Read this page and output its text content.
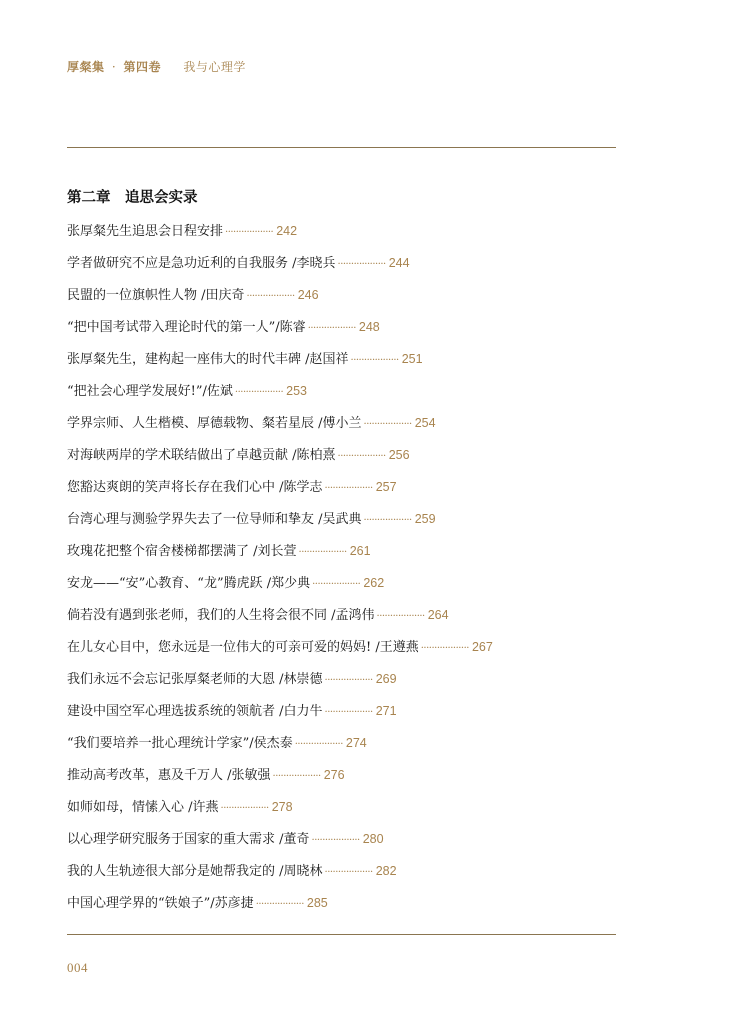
厚粲集 · 第四卷 我与心理学
第二章　追思会实录
张厚粲先生追思会日程安排 ·················· 242
学者做研究不应是急功近利的自我服务 /李晓兵 ·················· 244
民盟的一位旗帜性人物 /田庆奇 ·················· 246
“把中国考试带入理论时代的第一人”/陈睿 ·················· 248
张厚粲先生，建构起一座伟大的时代丰碑 /赵国祥 ·················· 251
“把社会心理学发展好!”/佐斌 ·················· 253
学界宗师、人生楷模、厚德载物、粲若星辰 /傅小兰 ·················· 254
对海峡两岸的学术联结做出了卓越贡献 /陈柏熹 ·················· 256
您豁达爽朗的笑声将长存在我们心中 /陈学志 ·················· 257
台湾心理与测验学界失去了一位导师和挚友 /吴武典 ·················· 259
玫瑰花把整个宿舍楼梯都摆满了 /刘长萱 ·················· 261
安龙——“安”心教育、“龙”腾虎跃 /郑少典 ·················· 262
倘若没有遇到张老师，我们的人生将会很不同 /孟鸿伟 ·················· 264
在儿女心目中，您永远是一位伟大的可亲可爱的妈妈! /王遵燕 ·················· 267
我们永远不会忘记张厚粲老师的大恩 /林崇德 ·················· 269
建设中国空军心理选拔系统的领航者 /白力牛 ·················· 271
“我们要培养一批心理统计学家”/侯杰泰 ·················· 274
推动高考改革，惠及千万人 /张敏强 ·················· 276
如师如母，情愫入心 /许燕 ·················· 278
以心理学研究服务于国家的重大需求 /董奇 ·················· 280
我的人生轨迹很大部分是她帮我定的 /周晓林 ·················· 282
中国心理学界的“铁娘子”/苏彦捷 ·················· 285
004
